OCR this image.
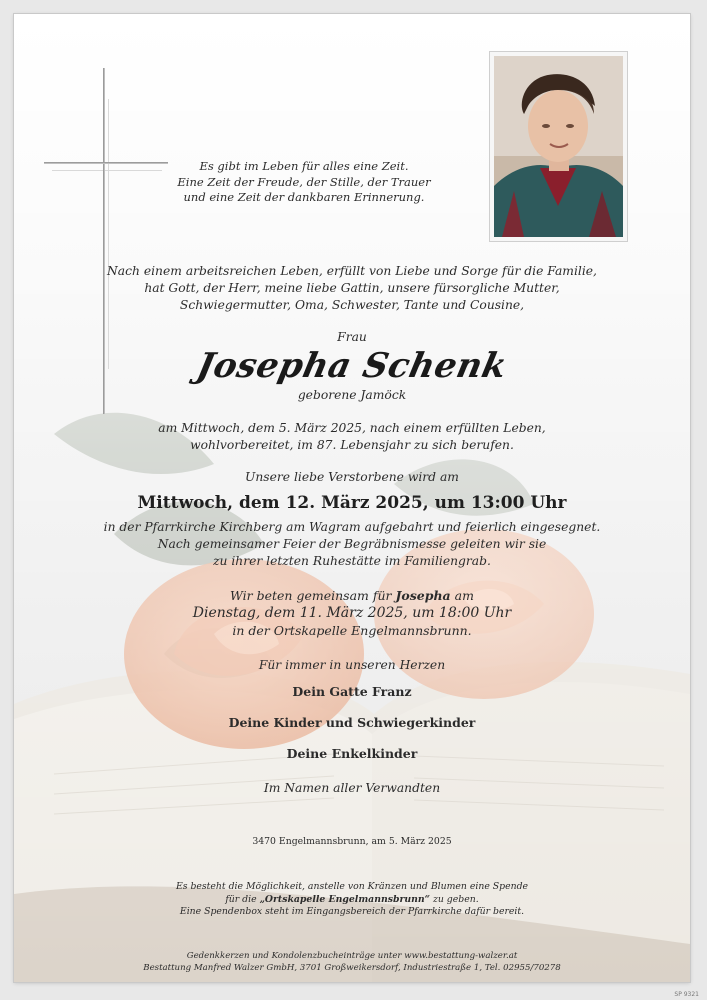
Es gibt im Leben für alles eine Zeit.
Eine Zeit der Freude, der Stille, der Trauer
und eine Zeit der dankbaren Erinnerung.
Nach einem arbeitsreichen Leben, erfüllt von Liebe und Sorge für die Familie,
hat Gott, der Herr, meine liebe Gattin, unsere fürsorgliche Mutter,
Schwiegermutter, Oma, Schwester, Tante und Cousine,
Frau
Josepha Schenk
geborene Jamöck
am Mittwoch, dem 5. März 2025, nach einem erfüllten Leben,
wohlvorbereitet, im 87. Lebensjahr zu sich berufen.
Unsere liebe Verstorbene wird am
Mittwoch, dem 12. März 2025, um 13:00 Uhr
in der Pfarrkirche Kirchberg am Wagram aufgebahrt und feierlich eingesegnet.
Nach gemeinsamer Feier der Begräbnismesse geleiten wir sie
zu ihrer letzten Ruhestätte im Familiengrab.
Wir beten gemeinsam für Josepha am
Dienstag, dem 11. März 2025, um 18:00 Uhr
in der Ortskapelle Engelmannsbrunn.
Für immer in unseren Herzen
Dein Gatte Franz
Deine Kinder und Schwiegerkinder
Deine Enkelkinder
Im Namen aller Verwandten
3470 Engelmannsbrunn, am 5. März 2025
Es besteht die Möglichkeit, anstelle von Kränzen und Blumen eine Spende
für die „Ortskapelle Engelmannsbrunn“ zu geben.
Eine Spendenbox steht im Eingangsbereich der Pfarrkirche dafür bereit.
Gedenkkerzen und Kondolenzbucheinträge unter www.bestattung-walzer.at
Bestattung Manfred Walzer GmbH, 3701 Großweikersdorf, Industriestraße 1, Tel. 02955/70278
SP 9321
